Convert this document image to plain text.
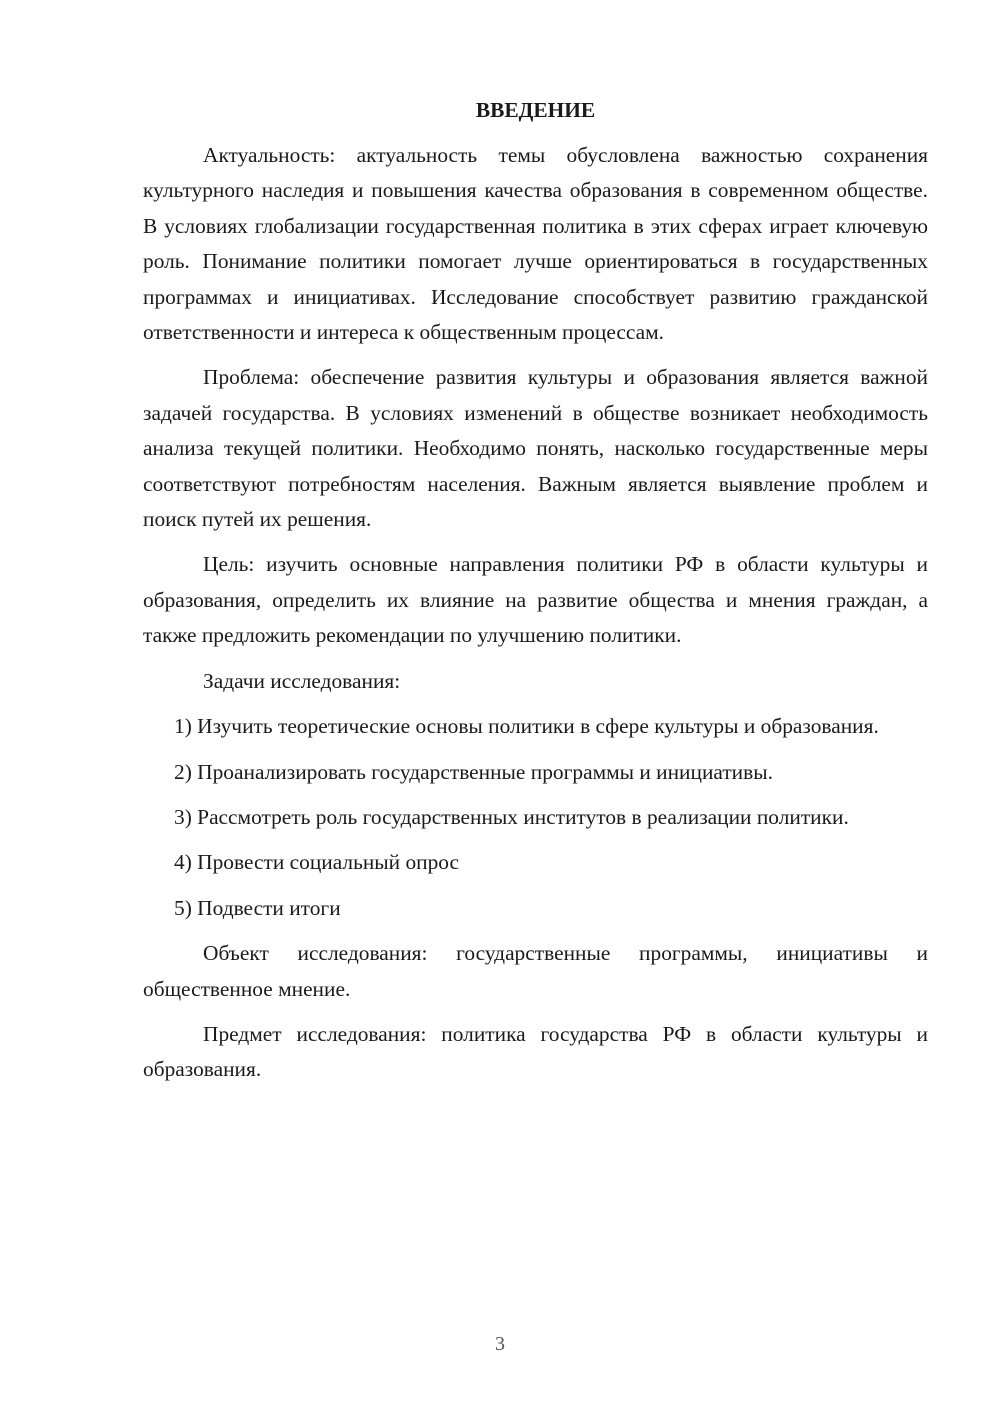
ВВЕДЕНИЕ

Актуальность: актуальность темы обусловлена важностью сохранения культурного наследия и повышения качества образования в современном обществе. В условиях глобализации государственная политика в этих сферах играет ключевую роль. Понимание политики помогает лучше ориентироваться в государственных программах и инициативах. Исследование способствует развитию гражданской ответственности и интереса к общественным процессам.

Проблема: обеспечение развития культуры и образования является важной задачей государства. В условиях изменений в обществе возникает необходимость анализа текущей политики. Необходимо понять, насколько государственные меры соответствуют потребностям населения. Важным является выявление проблем и поиск путей их решения.

Цель: изучить основные направления политики РФ в области культуры и образования, определить их влияние на развитие общества и мнения граждан, а также предложить рекомендации по улучшению политики.

Задачи исследования:

1) Изучить теоретические основы политики в сфере культуры и образования.

2) Проанализировать государственные программы и инициативы.

3) Рассмотреть роль государственных институтов в реализации политики.

4) Провести социальный опрос

5) Подвести итоги

Объект исследования: государственные программы, инициативы и общественное мнение.

Предмет исследования: политика государства РФ в области культуры и образования.

3
